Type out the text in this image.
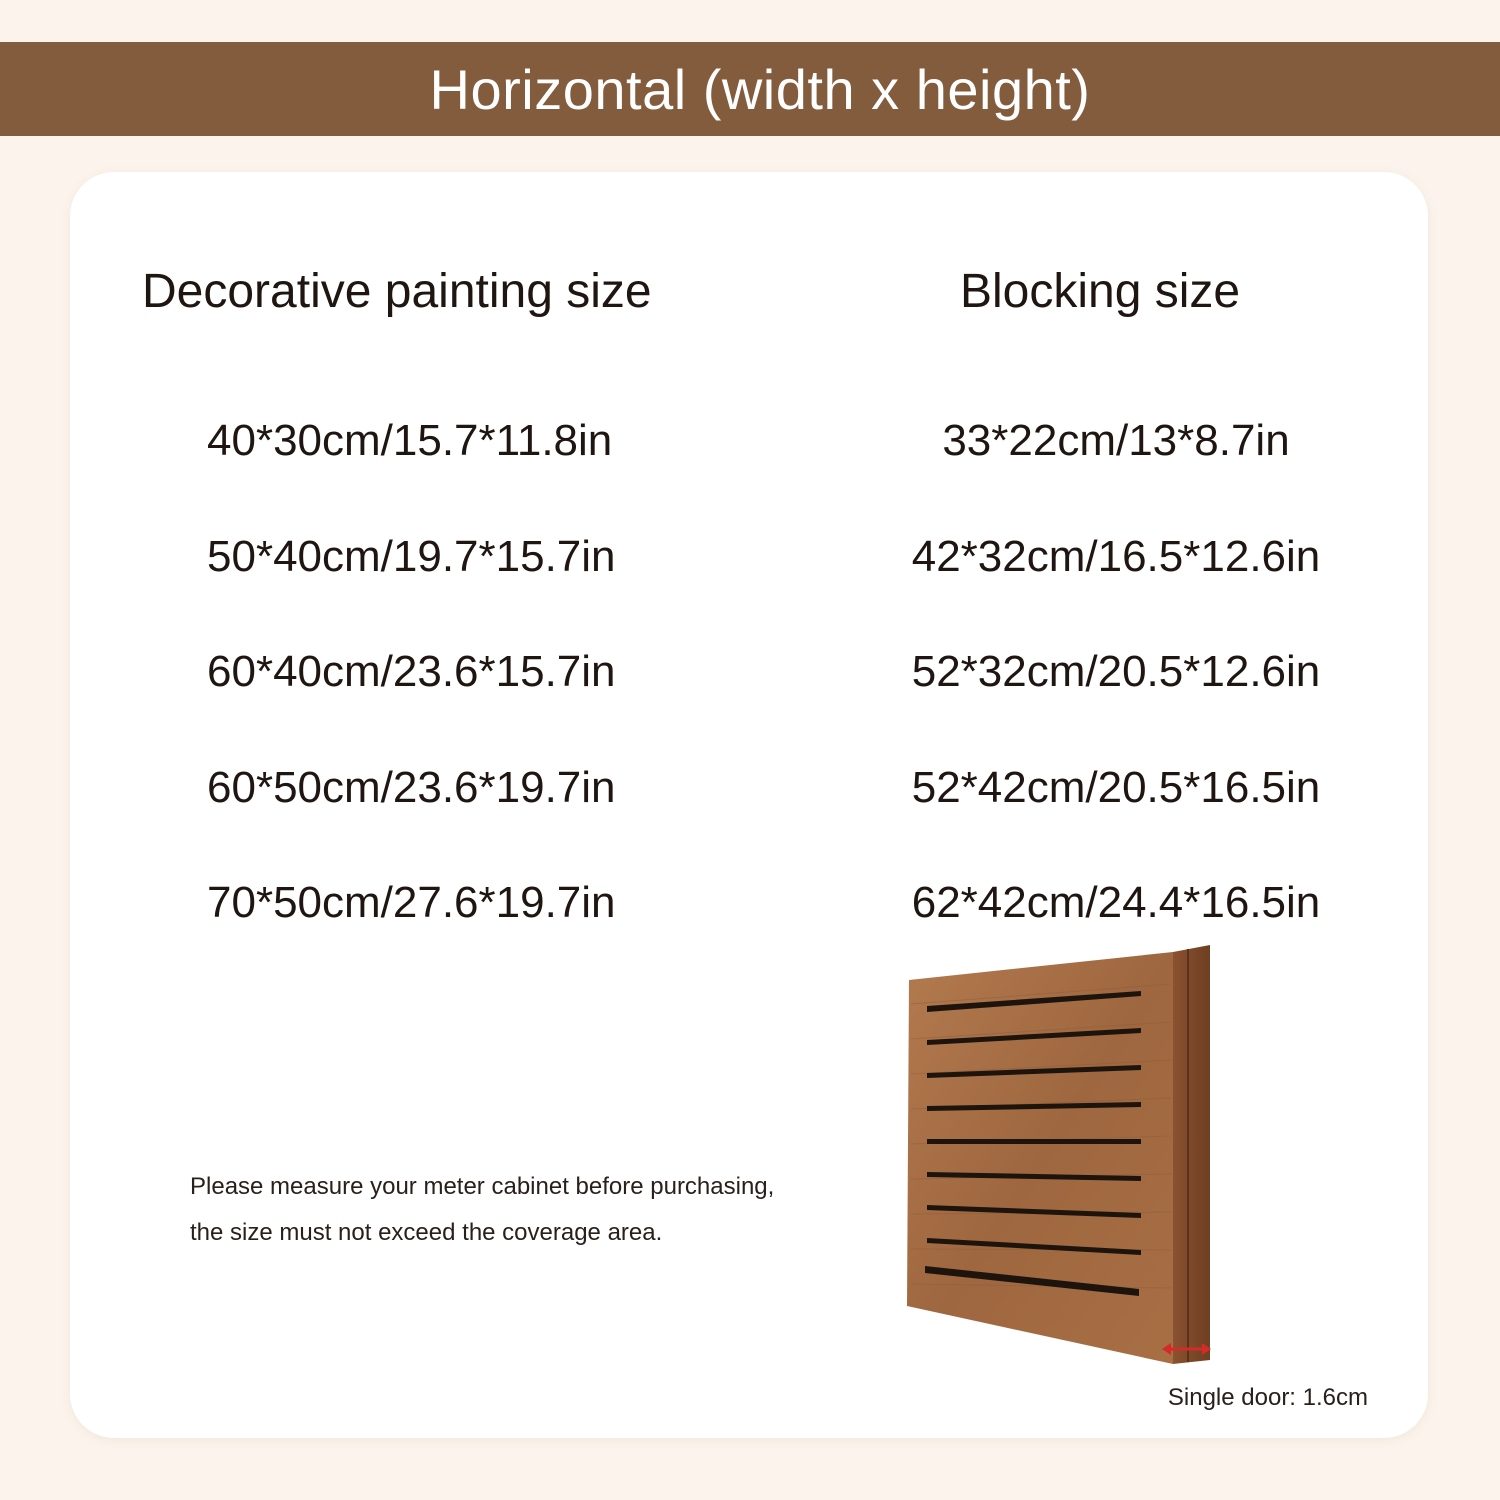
Horizontal (width x height)
Decorative painting size	Blocking size
40*30cm/15.7*11.8in
50*40cm/19.7*15.7in
60*40cm/23.6*15.7in
60*50cm/23.6*19.7in
70*50cm/27.6*19.7in
33*22cm/13*8.7in
42*32cm/16.5*12.6in
52*32cm/20.5*12.6in
52*42cm/20.5*16.5in
62*42cm/24.4*16.5in

Please measure your meter cabinet before purchasing,

the size must not exceed the coverage area.

Single door: 1.6cm
